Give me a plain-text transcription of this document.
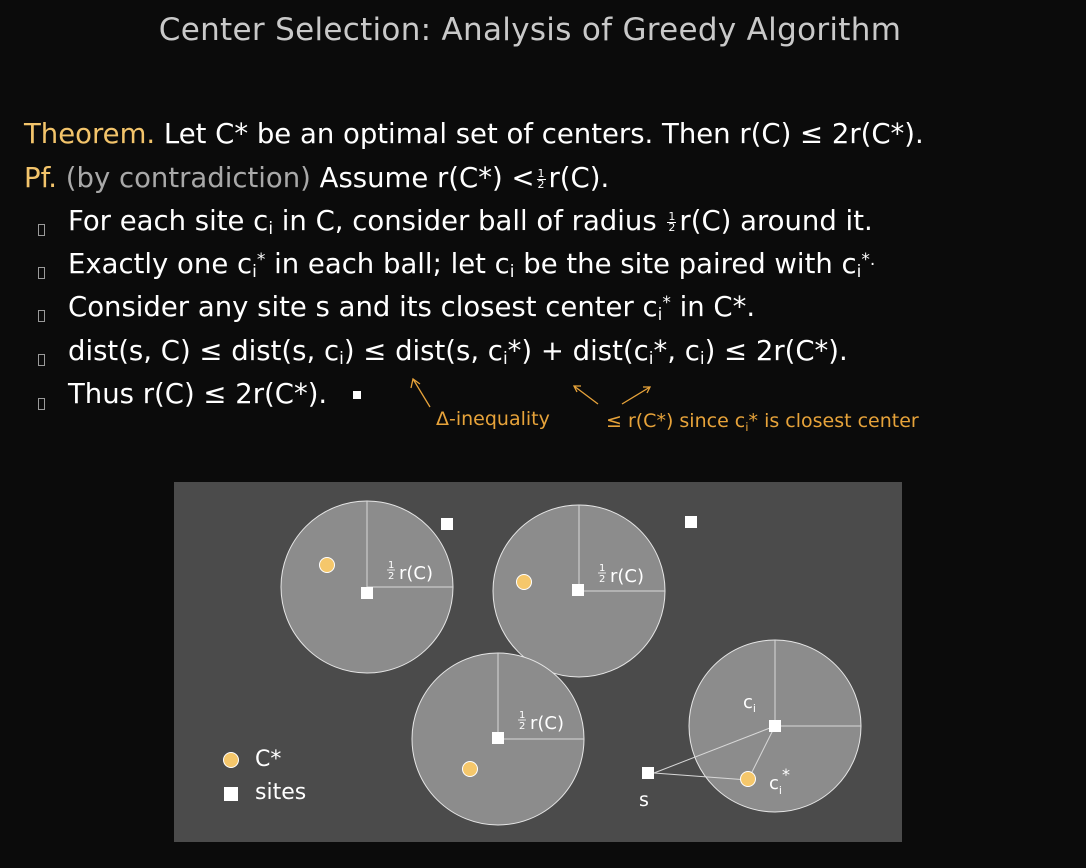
Center Selection: Analysis of Greedy Algorithm
Theorem. Let C* be an optimal set of centers. Then r(C) ≤ 2r(C*).
Pf. (by contradiction) Assume $r(C*) < \frac{1}{2} r(C)$.
For each site $c_i$ in C, consider ball of radius $\frac{1}{2} r(C)$ around it.
Exactly one $c_i^*$ in each ball; let $c_i$ be the site paired with $c_i^{*.}$
Consider any site s and its closest center $c_i^*$ in C*.
dist(s, C) ≤ dist(s, $c_i$) ≤ dist(s, $c_i*$) + $dist(c_i*$, $c_i) \le 2r(C*)$.
Thus r(C) ≤ 2r(C*).
Δ-inequality	≤ r(C*) since $c_i*$ is closest center
1
2 r(C)	1
2 r(C)
1
2 r(C)
$c_i$
$c_i*$
s
C*
sites
